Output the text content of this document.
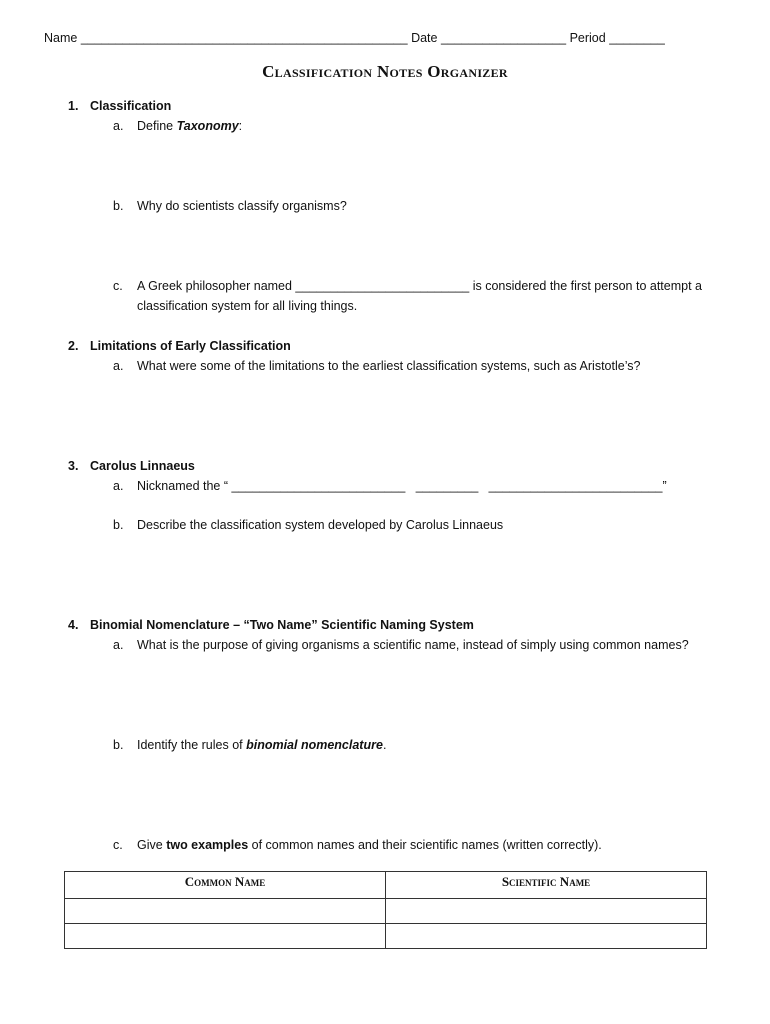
Name _______________________________________________ Date __________________ Period ________
Classification Notes Organizer
1. Classification
a. Define Taxonomy:
b. Why do scientists classify organisms?
c. A Greek philosopher named _________________________ is considered the first person to attempt a
classification system for all living things.
2. Limitations of Early Classification
a. What were some of the limitations to the earliest classification systems, such as Aristotle’s?
3. Carolus Linnaeus
a. Nicknamed the “ _________________________   _________   _________________________”
b. Describe the classification system developed by Carolus Linnaeus
4. Binomial Nomenclature – “Two Name” Scientific Naming System
a. What is the purpose of giving organisms a scientific name, instead of simply using common names?
b. Identify the rules of binomial nomenclature.
c. Give two examples of common names and their scientific names (written correctly).
Common Name	Scientific Name
